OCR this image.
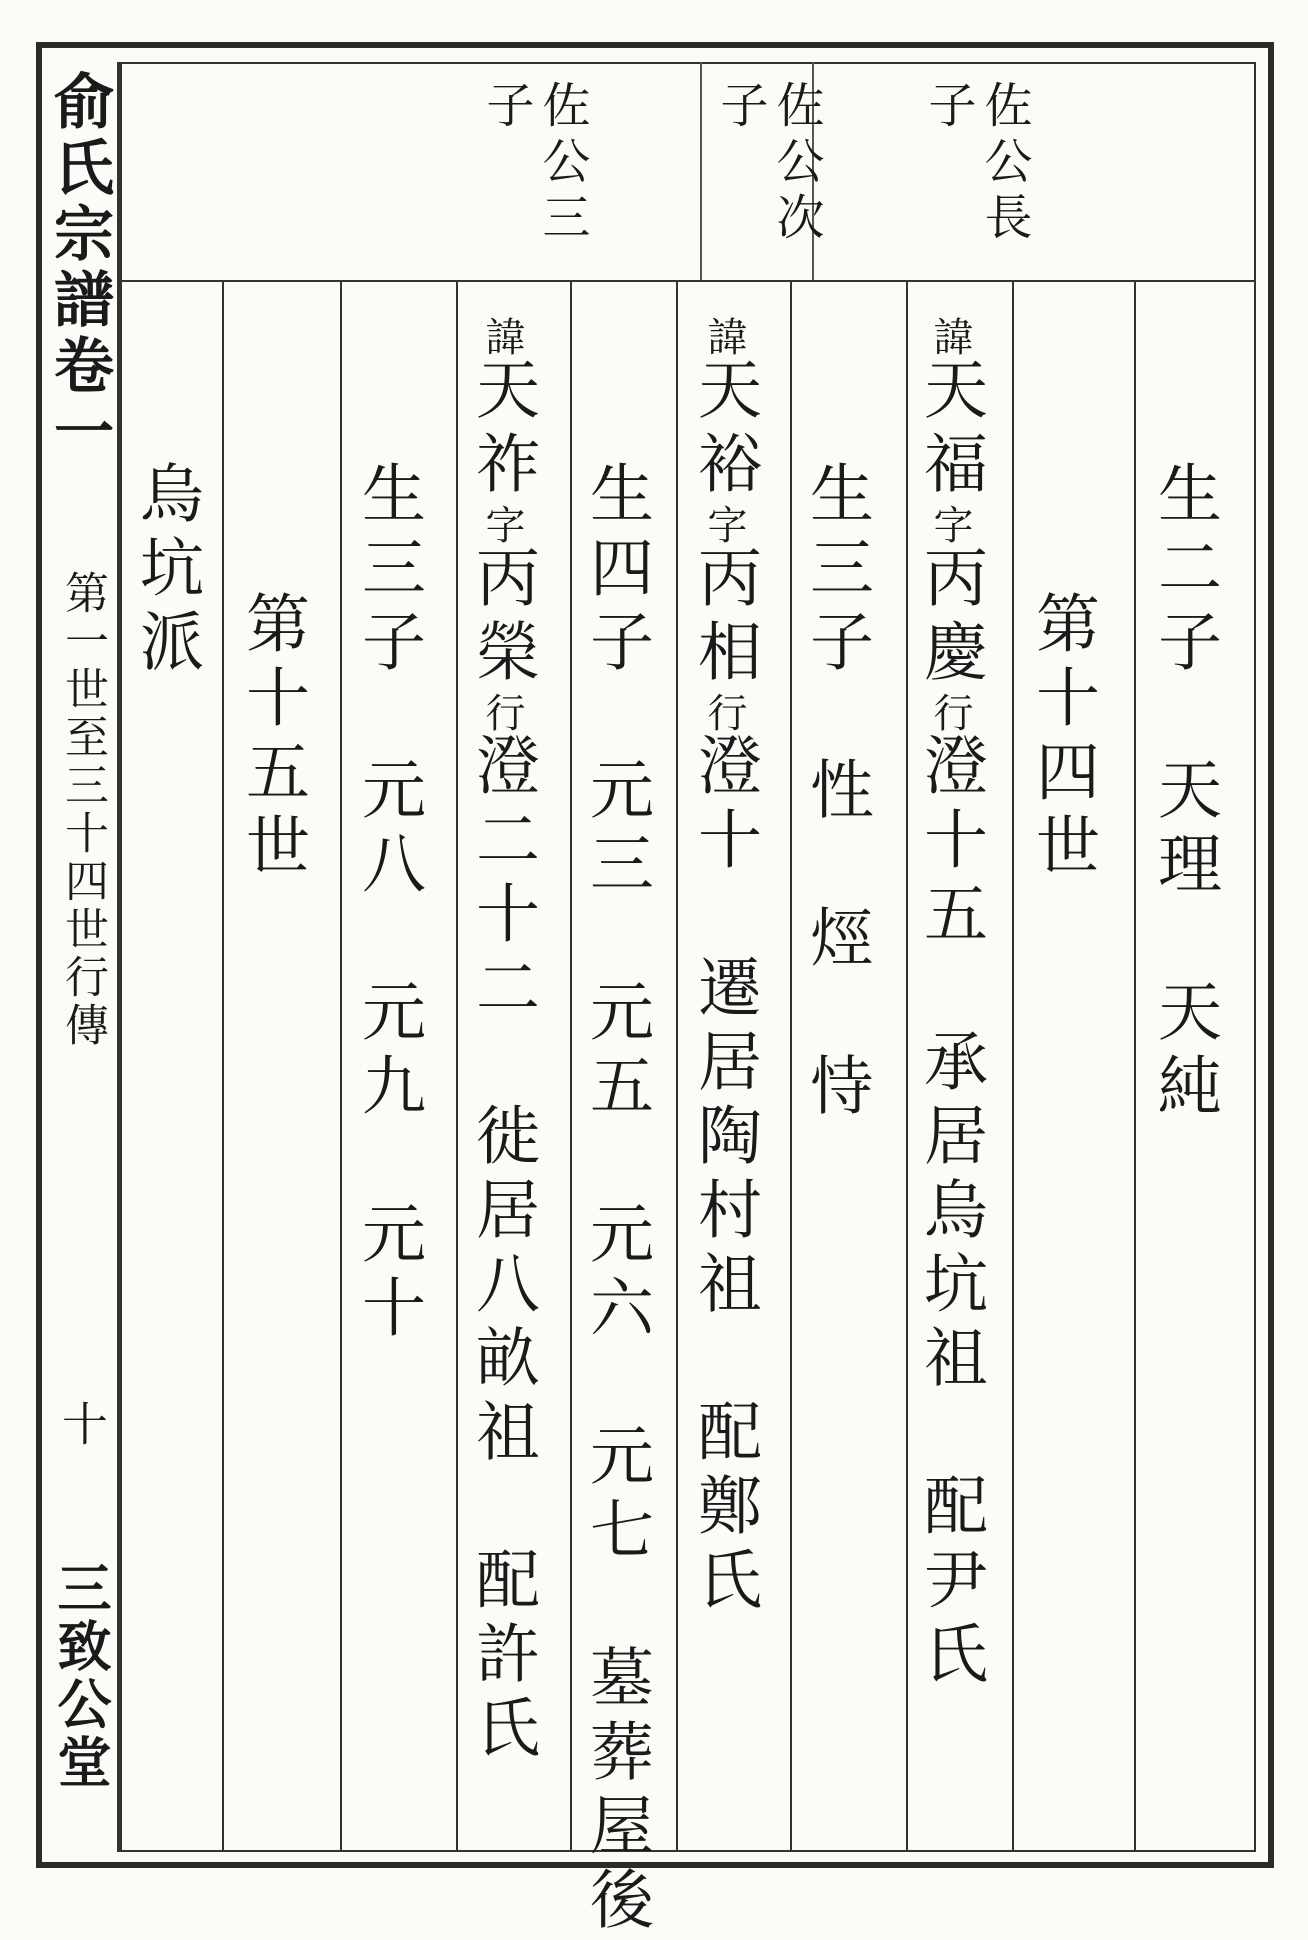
俞氏宗譜卷一
第一世至三十四世行傳
十
三致公堂
佐公長子
佐公次子
佐公三子
生二子　天理　天純
第十四世
諱天福字丙慶行澄十五　承居烏坑祖　配尹氏
生三子　性　烴　恃
諱天裕字丙相行澄十　遷居陶村祖　配鄭氏
生四子　元三　元五　元六　元七　墓葬屋後
諱天祚字丙榮行澄二十二　徙居八畝祖　配許氏
生三子　元八　元九　元十
第十五世
烏坑派
